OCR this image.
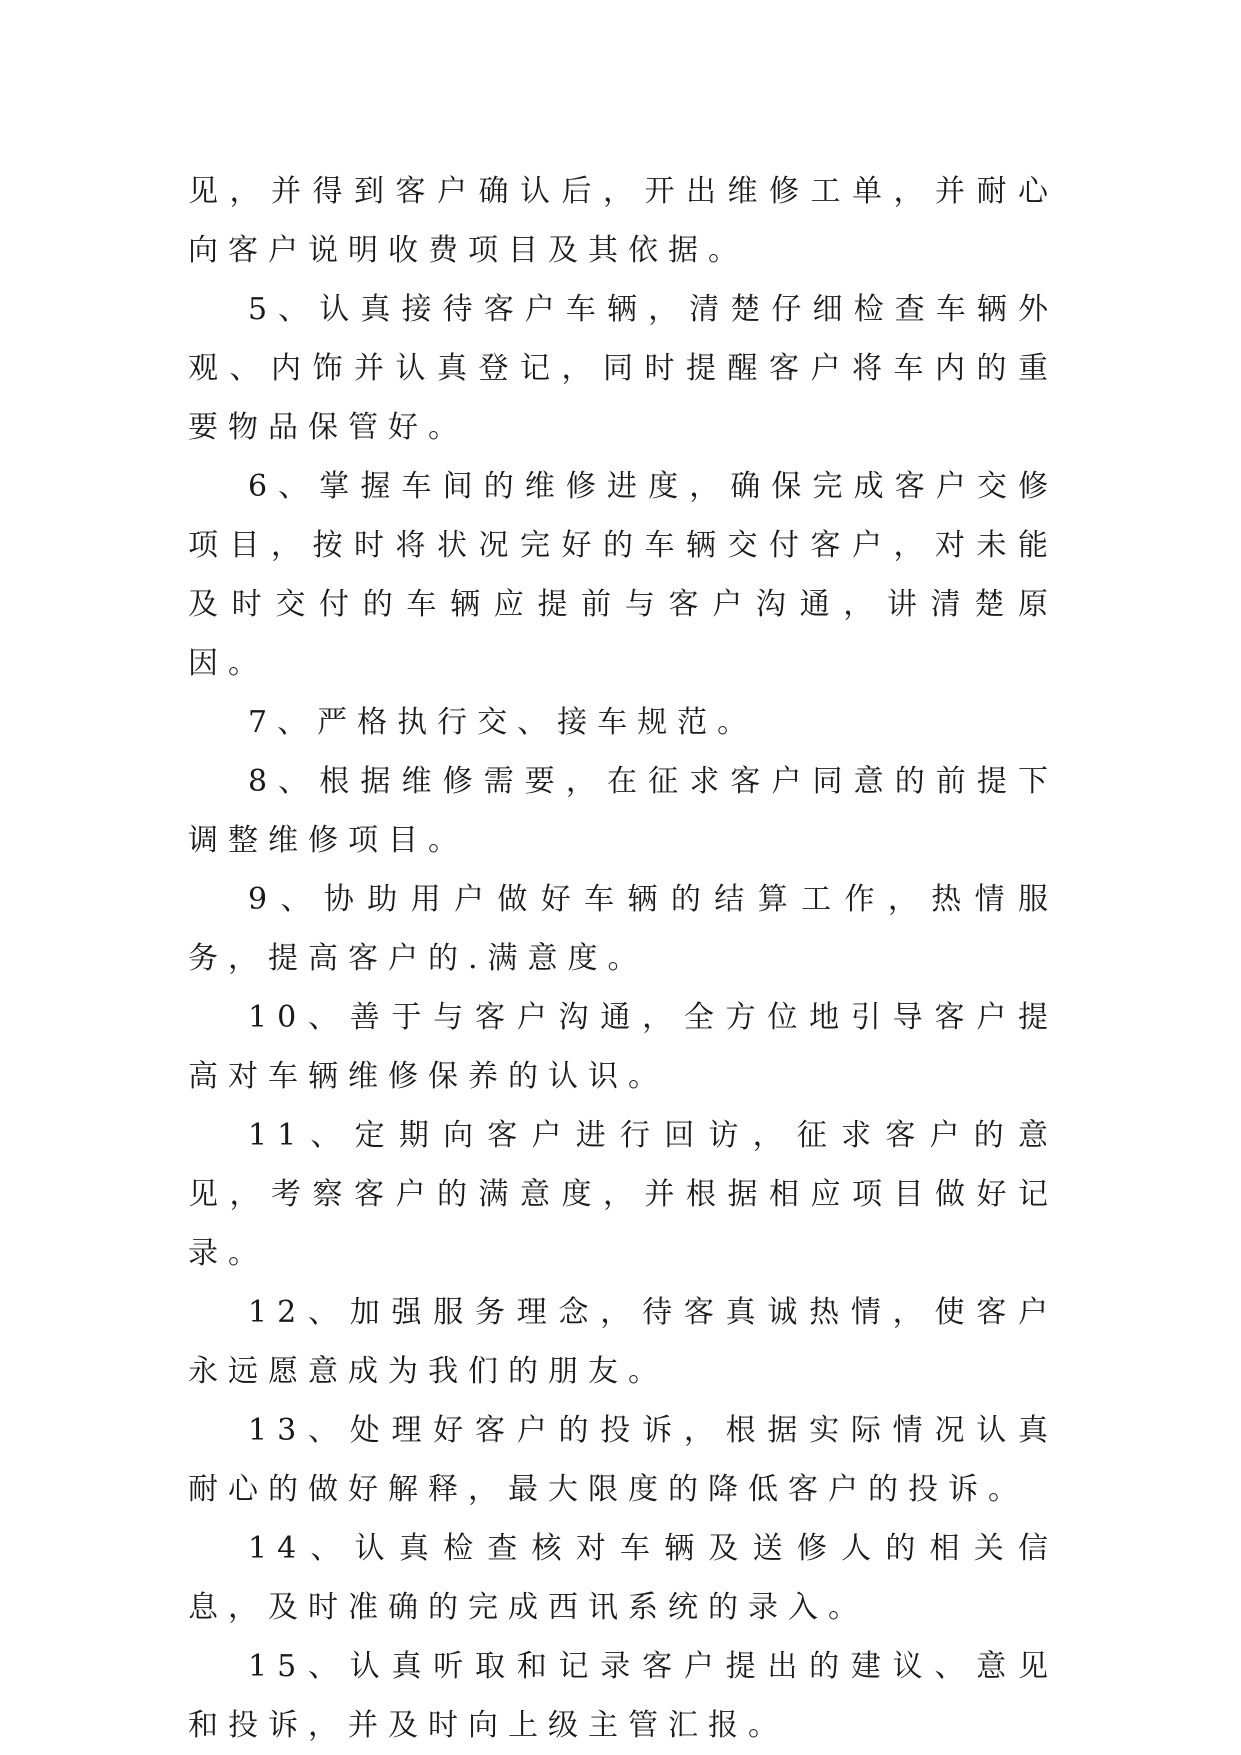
见，并得到客户确认后，开出维修工单，并耐心向客户说明收费项目及其依据。

5、认真接待客户车辆，清楚仔细检查车辆外观、内饰并认真登记，同时提醒客户将车内的重要物品保管好。

6、掌握车间的维修进度，确保完成客户交修项目，按时将状况完好的车辆交付客户，对未能及时交付的车辆应提前与客户沟通，讲清楚原因。

7、严格执行交、接车规范。

8、根据维修需要，在征求客户同意的前提下调整维修项目。

9、协助用户做好车辆的结算工作，热情服务，提高客户的.满意度。

10、善于与客户沟通，全方位地引导客户提高对车辆维修保养的认识。

11、定期向客户进行回访，征求客户的意见，考察客户的满意度，并根据相应项目做好记录。

12、加强服务理念，待客真诚热情，使客户永远愿意成为我们的朋友。

13、处理好客户的投诉，根据实际情况认真耐心的做好解释，最大限度的降低客户的投诉。

14、认真检查核对车辆及送修人的相关信息，及时准确的完成西讯系统的录入。

15、认真听取和记录客户提出的建议、意见和投诉，并及时向上级主管汇报。
